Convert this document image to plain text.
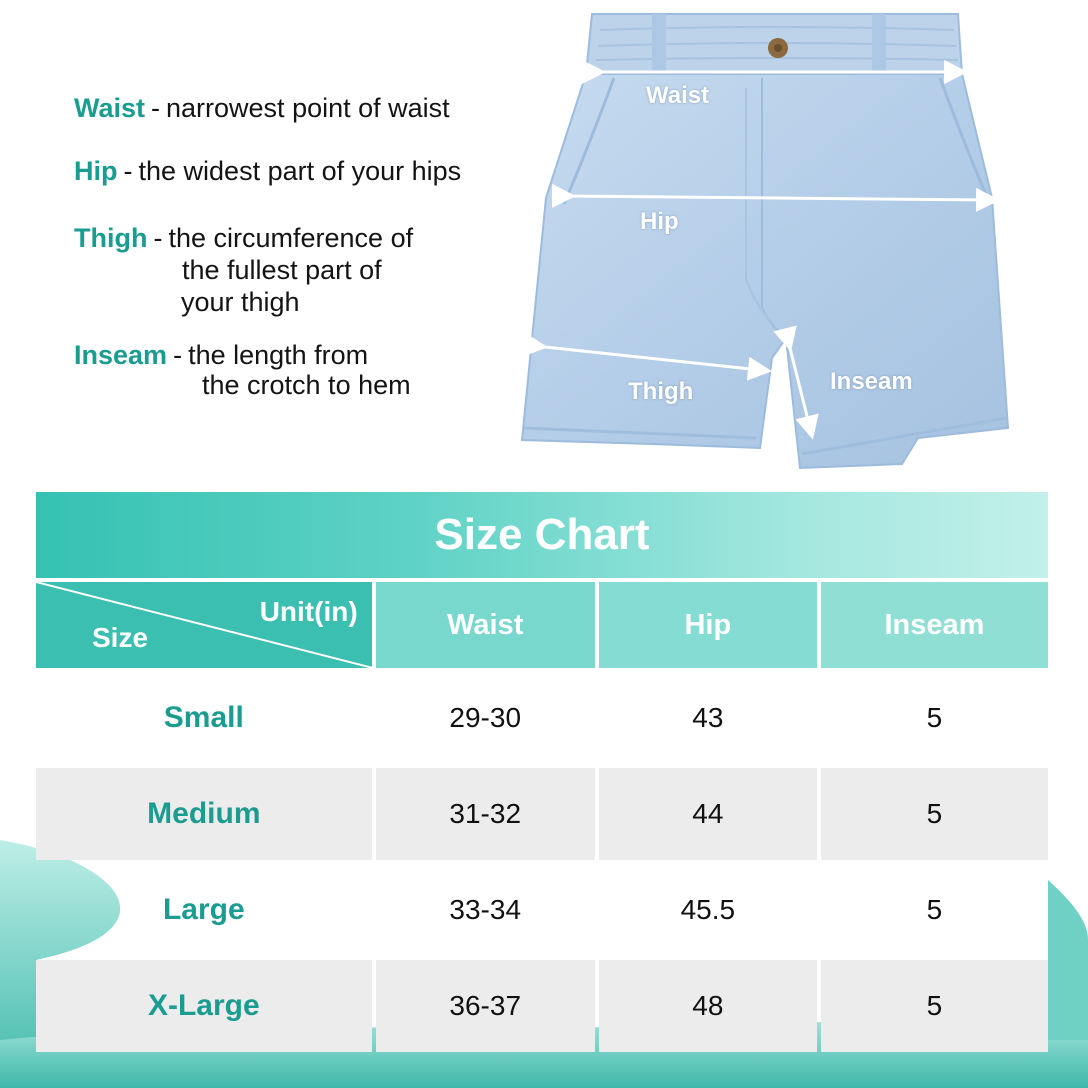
Waist - narrowest point of waist
Hip - the widest part of your hips
Thigh - the circumference of
the fullest part of
your thigh
Inseam - the length from
the crotch to hem
Waist
Hip
Thigh	Inseam
Size Chart
Unit(in)
Size	Waist	Hip	Inseam
Small	29-30	43	5
Medium	31-32	44	5
Large	33-34	45.5	5
X-Large	36-37	48	5
